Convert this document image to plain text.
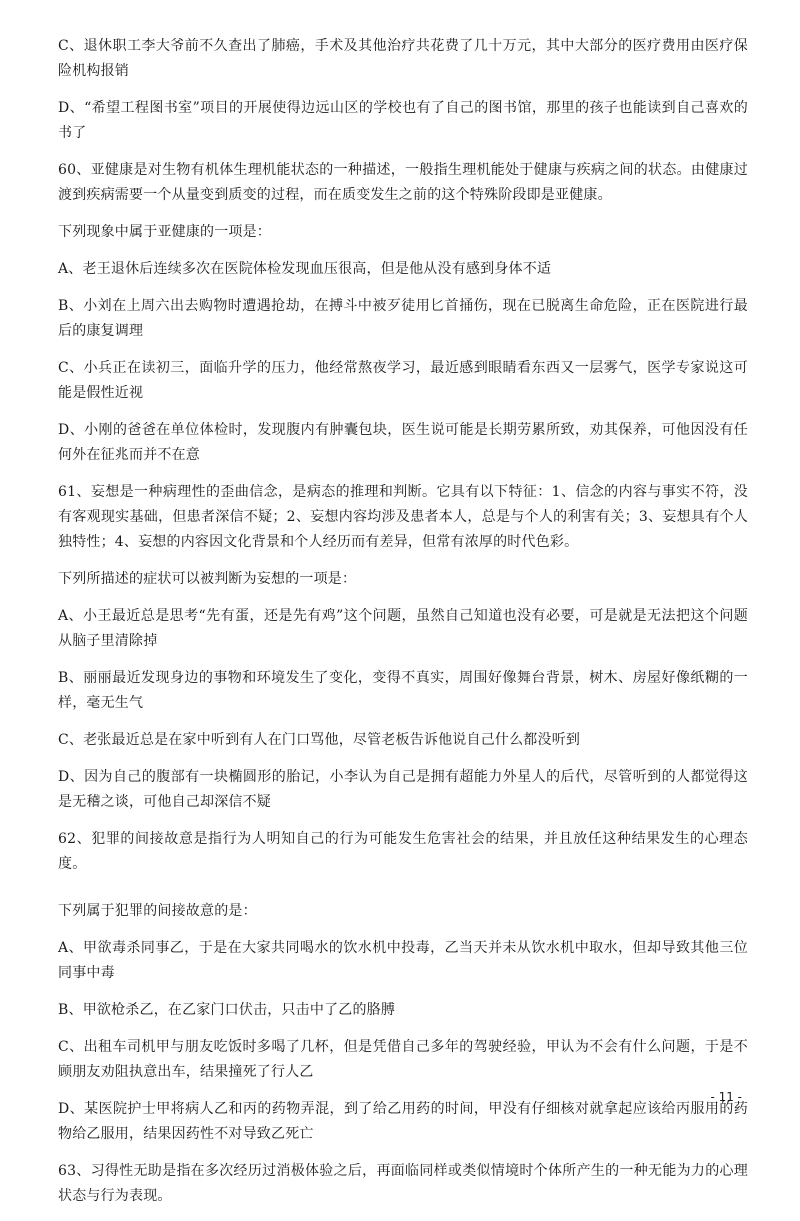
C、退休职工李大爷前不久查出了肺癌，手术及其他治疗共花费了几十万元，其中大部分的医疗费用由医疗保险机构报销

D、“希望工程图书室”项目的开展使得边远山区的学校也有了自己的图书馆，那里的孩子也能读到自己喜欢的书了

60、亚健康是对生物有机体生理机能状态的一种描述，一般指生理机能处于健康与疾病之间的状态。由健康过渡到疾病需要一个从量变到质变的过程，而在质变发生之前的这个特殊阶段即是亚健康。

下列现象中属于亚健康的一项是：

A、老王退休后连续多次在医院体检发现血压很高，但是他从没有感到身体不适

B、小刘在上周六出去购物时遭遇抢劫，在搏斗中被歹徒用匕首捅伤，现在已脱离生命危险，正在医院进行最后的康复调理

C、小兵正在读初三，面临升学的压力，他经常熬夜学习，最近感到眼睛看东西又一层雾气，医学专家说这可能是假性近视

D、小刚的爸爸在单位体检时，发现腹内有肿囊包块，医生说可能是长期劳累所致，劝其保养，可他因没有任何外在征兆而并不在意

61、妄想是一种病理性的歪曲信念，是病态的推理和判断。它具有以下特征：1、信念的内容与事实不符，没有客观现实基础，但患者深信不疑；2、妄想内容均涉及患者本人，总是与个人的利害有关；3、妄想具有个人独特性；4、妄想的内容因文化背景和个人经历而有差异，但常有浓厚的时代色彩。

下列所描述的症状可以被判断为妄想的一项是：

A、小王最近总是思考“先有蛋，还是先有鸡”这个问题，虽然自己知道也没有必要，可是就是无法把这个问题从脑子里清除掉

B、丽丽最近发现身边的事物和环境发生了变化，变得不真实，周围好像舞台背景，树木、房屋好像纸糊的一样，毫无生气

C、老张最近总是在家中听到有人在门口骂他，尽管老板告诉他说自己什么都没听到

D、因为自己的腹部有一块椭圆形的胎记，小李认为自己是拥有超能力外星人的后代，尽管听到的人都觉得这是无稽之谈，可他自己却深信不疑

62、犯罪的间接故意是指行为人明知自己的行为可能发生危害社会的结果，并且放任这种结果发生的心理态度。

下列属于犯罪的间接故意的是：

A、甲欲毒杀同事乙，于是在大家共同喝水的饮水机中投毒，乙当天并未从饮水机中取水，但却导致其他三位同事中毒

B、甲欲枪杀乙，在乙家门口伏击，只击中了乙的胳膊

C、出租车司机甲与朋友吃饭时多喝了几杯，但是凭借自己多年的驾驶经验，甲认为不会有什么问题，于是不顾朋友劝阻执意出车，结果撞死了行人乙

D、某医院护士甲将病人乙和丙的药物弄混，到了给乙用药的时间，甲没有仔细核对就拿起应该给丙服用的药物给乙服用，结果因药性不对导致乙死亡

63、习得性无助是指在多次经历过消极体验之后，再面临同样或类似情境时个体所产生的一种无能为力的心理状态与行为表现。

- 11 -
